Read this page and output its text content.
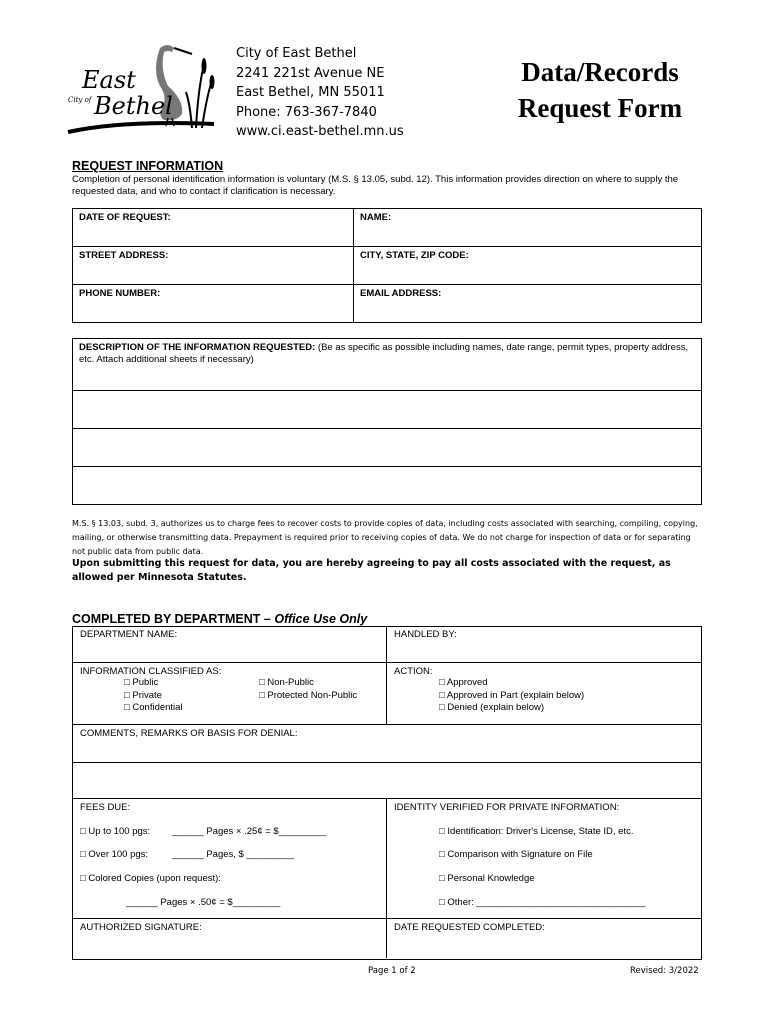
East
City of Bethel
City of East Bethel
2241 221st Avenue NE
East Bethel, MN 55011
Phone: 763-367-7840
www.ci.east-bethel.mn.us
Data/Records
Request Form
REQUEST INFORMATION
Completion of personal identification information is voluntary (M.S. § 13.05, subd. 12). This information provides direction on where to supply the requested data, and who to contact if clarification is necessary.
DATE OF REQUEST:	NAME:

STREET ADDRESS:	CITY, STATE, ZIP CODE:

PHONE NUMBER:	EMAIL ADDRESS:
DESCRIPTION OF THE INFORMATION REQUESTED: (Be as specific as possible including names, date range, permit types, property address, etc. Attach additional sheets if necessary)

M.S. § 13.03, subd. 3, authorizes us to charge fees to recover costs to provide copies of data, including costs associated with searching, compiling, copying, mailing, or otherwise transmitting data. Prepayment is required prior to receiving copies of data. We do not charge for inspection of data or for separating not public data from public data.
Upon submitting this request for data, you are hereby agreeing to pay all costs associated with the request, as allowed per Minnesota Statutes.
COMPLETED BY DEPARTMENT – Office Use Only
DEPARTMENT NAME:	HANDLED BY:
INFORMATION CLASSIFIED AS:
□ Public
□ Private
□ Confidential
□ Non-Public
□ Protected Non-Public
ACTION:
□ Approved
□ Approved in Part (explain below)
□ Denied (explain below)
COMMENTS, REMARKS OR BASIS FOR DENIAL:
FEES DUE:
□ Up to 100 pgs: ______ Pages × .25¢ = $_________
□ Over 100 pgs:	______ Pages, $ _________
□ Colored Copies (upon request):
______ Pages × .50¢ = $_________
IDENTITY VERIFIED FOR PRIVATE INFORMATION:
□ Identification: Driver's License, State ID, etc.
□ Comparison with Signature on File
□ Personal Knowledge
□ Other: ________________________________
AUTHORIZED SIGNATURE:	DATE REQUESTED COMPLETED:
Page 1 of 2	Revised: 3/2022
